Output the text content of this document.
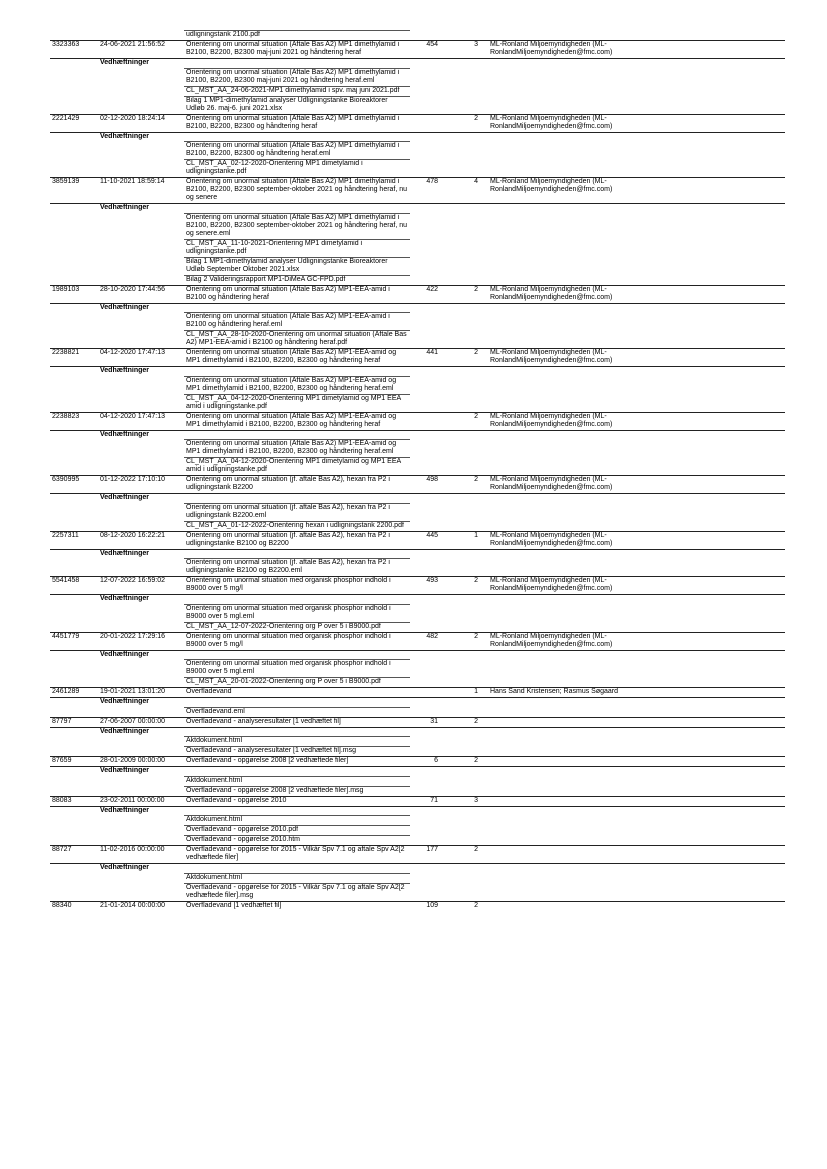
		udligningstank 2100.pdf				
3323363	24-06-2021 21:56:52	Orientering om unormal situation (Aftale Bas A2) MP1 dimethylamid i B2100, B2200, B2300 maj-juni 2021 og håndtering heraf	454	3	ML-Ronland Miljoemyndigheden (ML-RonlandMiljoemyndigheden@fmc.com)	
	Vedhæftninger					
		Orientering om unormal situation (Aftale Bas A2) MP1 dimethylamid i B2100, B2200, B2300 maj-juni 2021 og håndtering heraf.eml				
		CL_MST_AA_24-06-2021-MP1 dimethylamid i spv. maj juni 2021.pdf				
		Bilag 1 MP1-dimethylamid analyser Udligningstanke Bioreaktorer Udløb 26. maj-6. juni 2021.xlsx				
2221429	02-12-2020 18:24:14	Orientering om unormal situation (Aftale Bas A2) MP1 dimethylamid i B2100, B2200, B2300 og håndtering heraf		2	ML-Ronland Miljoemyndigheden (ML-RonlandMiljoemyndigheden@fmc.com)	
	Vedhæftninger					
		Orientering om unormal situation (Aftale Bas A2) MP1 dimethylamid i B2100, B2200, B2300 og håndtering heraf.eml				
		CL_MST_AA_02-12-2020-Orientering MP1 dimetylamid i udligningstanke.pdf				
3859139	11-10-2021 18:59:14	Orientering om unormal situation (Aftale Bas A2) MP1 dimethylamid i B2100, B2200, B2300 september-oktober 2021 og håndtering heraf, nu og senere	478	4	ML-Ronland Miljoemyndigheden (ML-RonlandMiljoemyndigheden@fmc.com)	
	Vedhæftninger					
		Orientering om unormal situation (Aftale Bas A2) MP1 dimethylamid i B2100, B2200, B2300 september-oktober 2021 og håndtering heraf, nu og senere.eml				
		CL_MST_AA_11-10-2021-Orientering MP1 dimetylamid i udligningstanke.pdf				
		Bilag 1 MP1-dimethylamid analyser Udligningstanke Bioreaktorer Udløb September Oktober 2021.xlsx				
		Bilag 2 Valideringsrapport MP1-DiMeA GC-FPD.pdf				
1989103	28-10-2020 17:44:56	Orientering om unormal situation (Aftale Bas A2) MP1-EEA-amid i B2100 og håndtering heraf	422	2	ML-Ronland Miljoemyndigheden (ML-RonlandMiljoemyndigheden@fmc.com)	
	Vedhæftninger					
		Orientering om unormal situation (Aftale Bas A2) MP1-EEA-amid i B2100 og håndtering heraf.eml				
		CL_MST_AA_28-10-2020-Orientering om unormal situation (Aftale Bas A2) MP1-EEA-amid i B2100 og håndtering heraf.pdf				
2238821	04-12-2020 17:47:13	Orientering om unormal situation (Aftale Bas A2) MP1-EEA-amid og MP1 dimethylamid i B2100, B2200, B2300 og håndtering heraf	441	2	ML-Ronland Miljoemyndigheden (ML-RonlandMiljoemyndigheden@fmc.com)	
	Vedhæftninger					
		Orientering om unormal situation (Aftale Bas A2) MP1-EEA-amid og MP1 dimethylamid i B2100, B2200, B2300 og håndtering heraf.eml				
		CL_MST_AA_04-12-2020-Orientering MP1 dimetylamid og MP1 EEA amid i udligningstanke.pdf				
2238823	04-12-2020 17:47:13	Orientering om unormal situation (Aftale Bas A2) MP1-EEA-amid og MP1 dimethylamid i B2100, B2200, B2300 og håndtering heraf		2	ML-Ronland Miljoemyndigheden (ML-RonlandMiljoemyndigheden@fmc.com)	
	Vedhæftninger					
		Orientering om unormal situation (Aftale Bas A2) MP1-EEA-amid og MP1 dimethylamid i B2100, B2200, B2300 og håndtering heraf.eml				
		CL_MST_AA_04-12-2020-Orientering MP1 dimetylamid og MP1 EEA amid i udligningstanke.pdf				
6390995	01-12-2022 17:10:10	Orientering om unormal situation (jf. aftale Bas A2), hexan fra P2 i udligningstank B2200	498	2	ML-Ronland Miljoemyndigheden (ML-RonlandMiljoemyndigheden@fmc.com)	
	Vedhæftninger					
		Orientering om unormal situation (jf. aftale Bas A2), hexan fra P2 i udligningstank B2200.eml				
		CL_MST_AA_01-12-2022-Orientering hexan i udligningstank 2200.pdf				
2257311	08-12-2020 16:22:21	Orientering om unormal situation (jf. aftale Bas A2), hexan fra P2 i udligningstanke B2100 og B2200	445	1	ML-Ronland Miljoemyndigheden (ML-RonlandMiljoemyndigheden@fmc.com)	
	Vedhæftninger					
		Orientering om unormal situation (jf. aftale Bas A2), hexan fra P2 i udligningstanke B2100 og B2200.eml				
5541458	12-07-2022 16:59:02	Orientering om unormal situation med organisk phosphor indhold i B9000 over 5 mg/l	493	2	ML-Ronland Miljoemyndigheden (ML-RonlandMiljoemyndigheden@fmc.com)	
	Vedhæftninger					
		Orientering om unormal situation med organisk phosphor indhold i B9000 over 5 mgl.eml				
		CL_MST_AA_12-07-2022-Orientering org P over 5 i B9000.pdf				
4451779	20-01-2022 17:29:16	Orientering om unormal situation med organisk phosphor indhold i B9000 over 5 mg/l	482	2	ML-Ronland Miljoemyndigheden (ML-RonlandMiljoemyndigheden@fmc.com)	
	Vedhæftninger					
		Orientering om unormal situation med organisk phosphor indhold i B9000 over 5 mgl.eml				
		CL_MST_AA_20-01-2022-Orientering org P over 5 i B9000.pdf				
2461289	19-01-2021 13:01:20	Overfladevand		1	Hans Sand Kristensen; Rasmus Søgaard	
	Vedhæftninger					
		Overfladevand.eml				
87797	27-06-2007 00:00:00	Overfladevand - analyseresultater [1 vedhæftet fil]	31	2		
	Vedhæftninger					
		Aktdokument.html				
		Overfladevand - analyseresultater [1 vedhæftet fil].msg				
87659	28-01-2009 00:00:00	Overfladevand - opgørelse 2008 [2 vedhæftede filer]	6	2		
	Vedhæftninger					
		Aktdokument.html				
		Overfladevand - opgørelse 2008 [2 vedhæftede filer].msg				
88083	23-02-2011 00:00:00	Overfladevand - opgørelse 2010	71	3		
	Vedhæftninger					
		Aktdokument.html				
		Overfladevand - opgørelse 2010.pdf				
		Overfladevand - opgørelse 2010.htm				
88727	11-02-2016 00:00:00	Overfladevand - opgørelse for 2015 - Vilkår Spv 7.1 og aftale Spv A2[2 vedhæftede filer]	177	2		
	Vedhæftninger					
		Aktdokument.html				
		Overfladevand - opgørelse for 2015 - Vilkår Spv 7.1 og aftale Spv A2[2 vedhæftede filer].msg				
88340	21-01-2014 00:00:00	Overfladevand [1 vedhæftet fil]	109	2		
